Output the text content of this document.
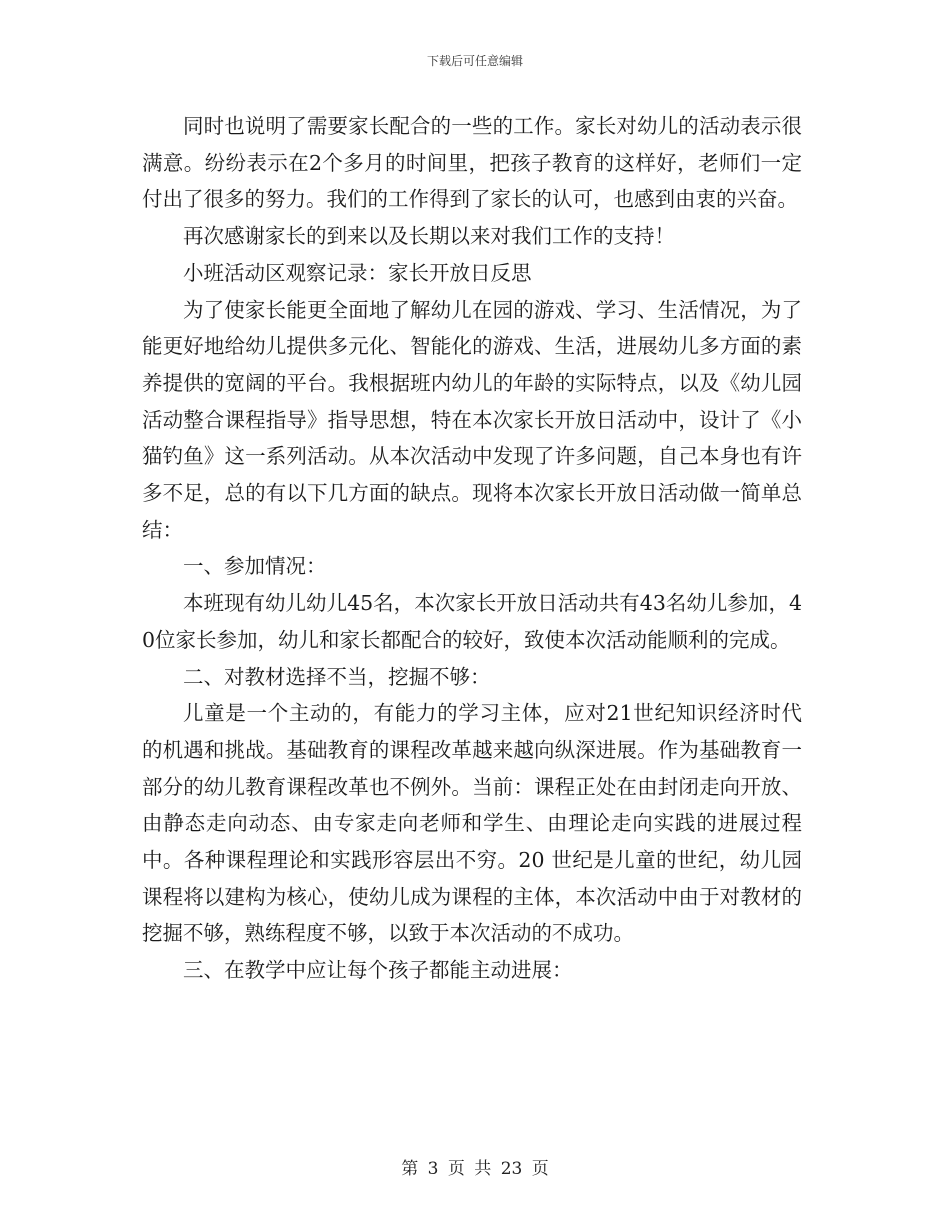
下载后可任意编辑

同时也说明了需要家长配合的一些的工作。家长对幼儿的活动表示很满意。纷纷表示在2个多月的时间里，把孩子教育的这样好，老师们一定付出了很多的努力。我们的工作得到了家长的认可，也感到由衷的兴奋。

再次感谢家长的到来以及长期以来对我们工作的支持！

小班活动区观察记录：家长开放日反思

为了使家长能更全面地了解幼儿在园的游戏、学习、生活情况，为了能更好地给幼儿提供多元化、智能化的游戏、生活，进展幼儿多方面的素养提供的宽阔的平台。我根据班内幼儿的年龄的实际特点，以及《幼儿园活动整合课程指导》指导思想，特在本次家长开放日活动中，设计了《小猫钓鱼》这一系列活动。从本次活动中发现了许多问题，自己本身也有许多不足，总的有以下几方面的缺点。现将本次家长开放日活动做一简单总结：

一、参加情况：

本班现有幼儿幼儿45名，本次家长开放日活动共有43名幼儿参加，40位家长参加，幼儿和家长都配合的较好，致使本次活动能顺利的完成。

二、对教材选择不当，挖掘不够：

儿童是一个主动的，有能力的学习主体，应对21世纪知识经济时代的机遇和挑战。基础教育的课程改革越来越向纵深进展。作为基础教育一部分的幼儿教育课程改革也不例外。当前：课程正处在由封闭走向开放、由静态走向动态、由专家走向老师和学生、由理论走向实践的进展过程中。各种课程理论和实践形容层出不穷。20 世纪是儿童的世纪，幼儿园课程将以建构为核心，使幼儿成为课程的主体，本次活动中由于对教材的挖掘不够，熟练程度不够，以致于本次活动的不成功。

三、在教学中应让每个孩子都能主动进展：

第 3 页 共 23 页
